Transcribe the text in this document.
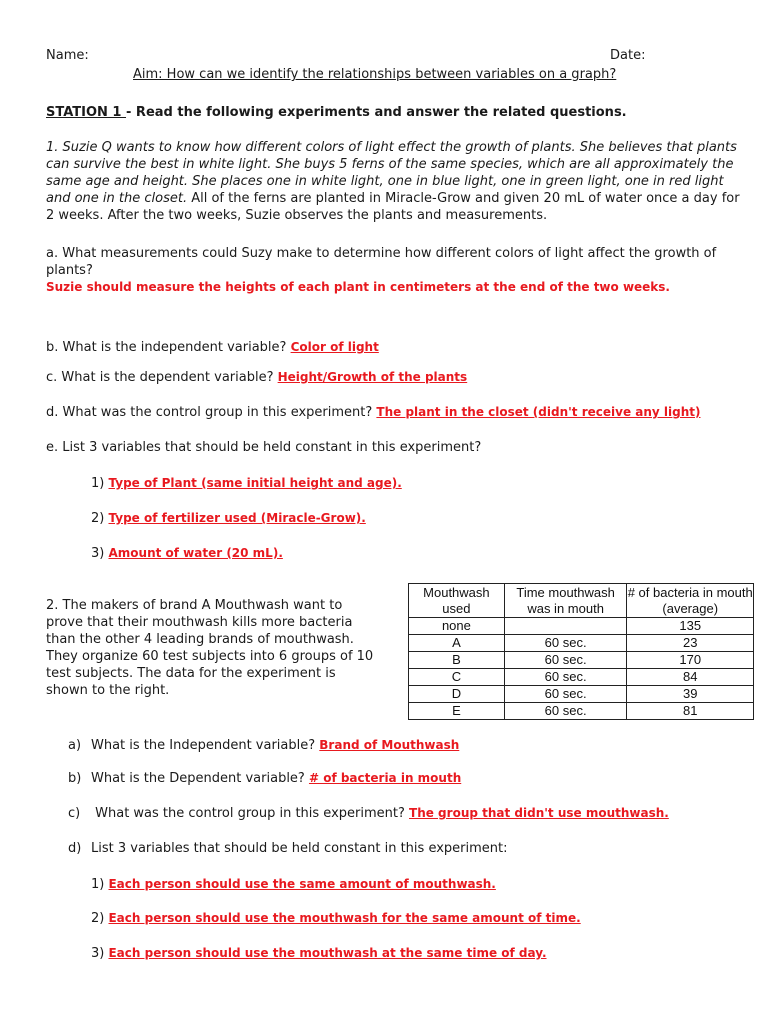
Name:	Date:
Aim: How can we identify the relationships between variables on a graph?
STATION 1 - Read the following experiments and answer the related questions.
1. Suzie Q wants to know how different colors of light effect the growth of plants. She believes that plants can survive the best in white light. She buys 5 ferns of the same species, which are all approximately the same age and height. She places one in white light, one in blue light, one in green light, one in red light and one in the closet. All of the ferns are planted in Miracle-Grow and given 20 mL of water once a day for 2 weeks. After the two weeks, Suzie observes the plants and measurements.
a. What measurements could Suzy make to determine how different colors of light affect the growth of plants?
Suzie should measure the heights of each plant in centimeters at the end of the two weeks.
b. What is the independent variable? Color of light
c. What is the dependent variable? Height/Growth of the plants
d. What was the control group in this experiment? The plant in the closet (didn't receive any light)
e. List 3 variables that should be held constant in this experiment?
1) Type of Plant (same initial height and age).
2) Type of fertilizer used (Miracle-Grow).
3) Amount of water (20 mL).
2. The makers of brand A Mouthwash want to prove that their mouthwash kills more bacteria than the other 4 leading brands of mouthwash. They organize 60 test subjects into 6 groups of 10 test subjects. The data for the experiment is shown to the right.
Mouthwash used	Time mouthwash was in mouth	# of bacteria in mouth (average)
none		135
A	60 sec.	23
B	60 sec.	170
C	60 sec.	84
D	60 sec.	39
E	60 sec.	81
a) What is the Independent variable? Brand of Mouthwash
b) What is the Dependent variable? # of bacteria in mouth
c) What was the control group in this experiment? The group that didn't use mouthwash.
d) List 3 variables that should be held constant in this experiment:
1) Each person should use the same amount of mouthwash.
2) Each person should use the mouthwash for the same amount of time.
3) Each person should use the mouthwash at the same time of day.
